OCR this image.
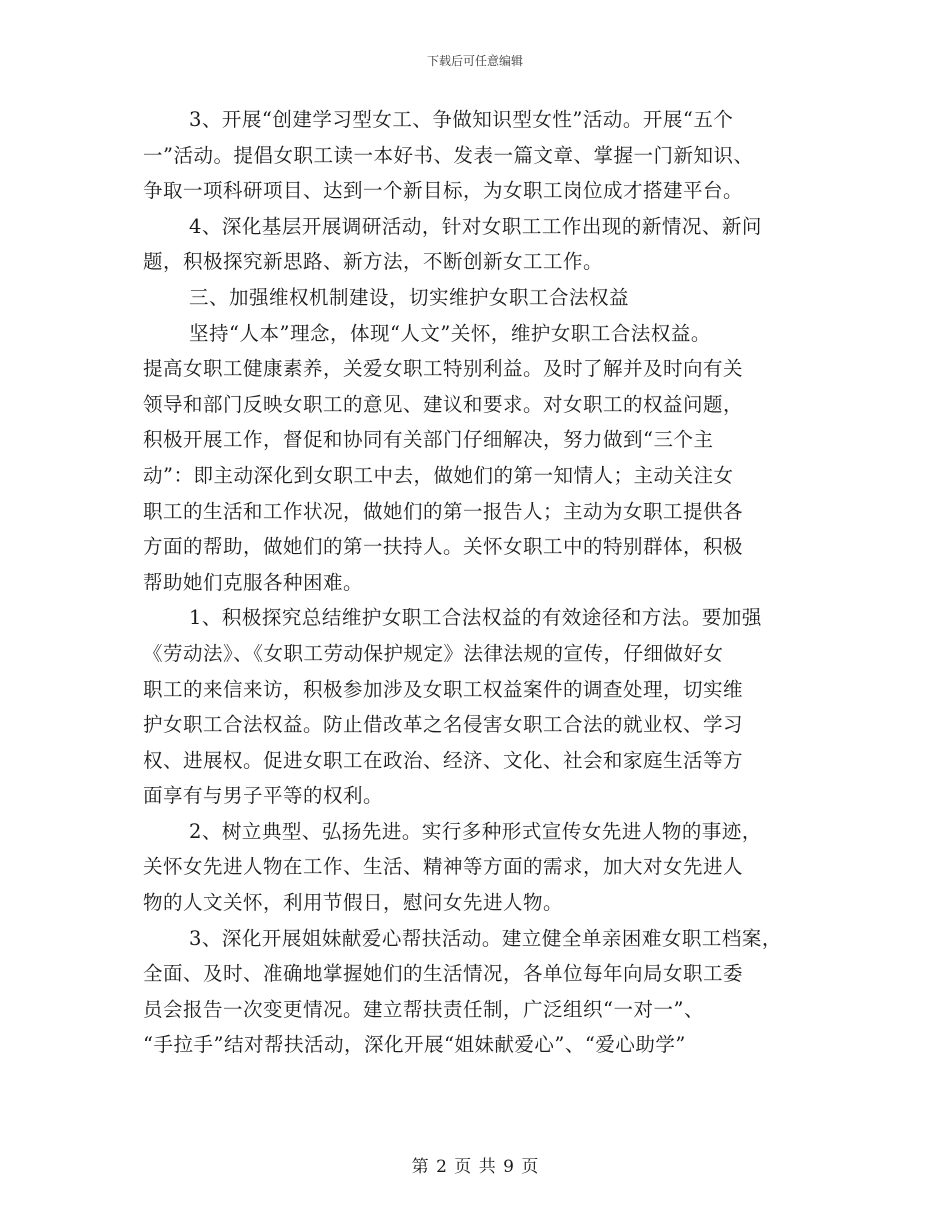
下载后可任意编辑
3、开展“创建学习型女工、争做知识型女性”活动。开展“五个
一”活动。提倡女职工读一本好书、发表一篇文章、掌握一门新知识、
争取一项科研项目、达到一个新目标，为女职工岗位成才搭建平台。
4、深化基层开展调研活动，针对女职工工作出现的新情况、新问
题，积极探究新思路、新方法，不断创新女工工作。
三、加强维权机制建设，切实维护女职工合法权益
坚持“人本”理念，体现“人文”关怀，维护女职工合法权益。
提高女职工健康素养，关爱女职工特别利益。及时了解并及时向有关
领导和部门反映女职工的意见、建议和要求。对女职工的权益问题，
积极开展工作，督促和协同有关部门仔细解决，努力做到“三个主
动”：即主动深化到女职工中去，做她们的第一知情人；主动关注女
职工的生活和工作状况，做她们的第一报告人；主动为女职工提供各
方面的帮助，做她们的第一扶持人。关怀女职工中的特别群体，积极
帮助她们克服各种困难。
1、积极探究总结维护女职工合法权益的有效途径和方法。要加强
《劳动法》、《女职工劳动保护规定》法律法规的宣传，仔细做好女
职工的来信来访，积极参加涉及女职工权益案件的调查处理，切实维
护女职工合法权益。防止借改革之名侵害女职工合法的就业权、学习
权、进展权。促进女职工在政治、经济、文化、社会和家庭生活等方
面享有与男子平等的权利。
2、树立典型、弘扬先进。实行多种形式宣传女先进人物的事迹，
关怀女先进人物在工作、生活、精神等方面的需求，加大对女先进人
物的人文关怀，利用节假日，慰问女先进人物。
3、深化开展姐妹献爱心帮扶活动。建立健全单亲困难女职工档案，
全面、及时、准确地掌握她们的生活情况，各单位每年向局女职工委
员会报告一次变更情况。建立帮扶责任制，广泛组织“一对一”、
“手拉手”结对帮扶活动，深化开展“姐妹献爱心”、“爱心助学”
第 2 页 共 9 页
